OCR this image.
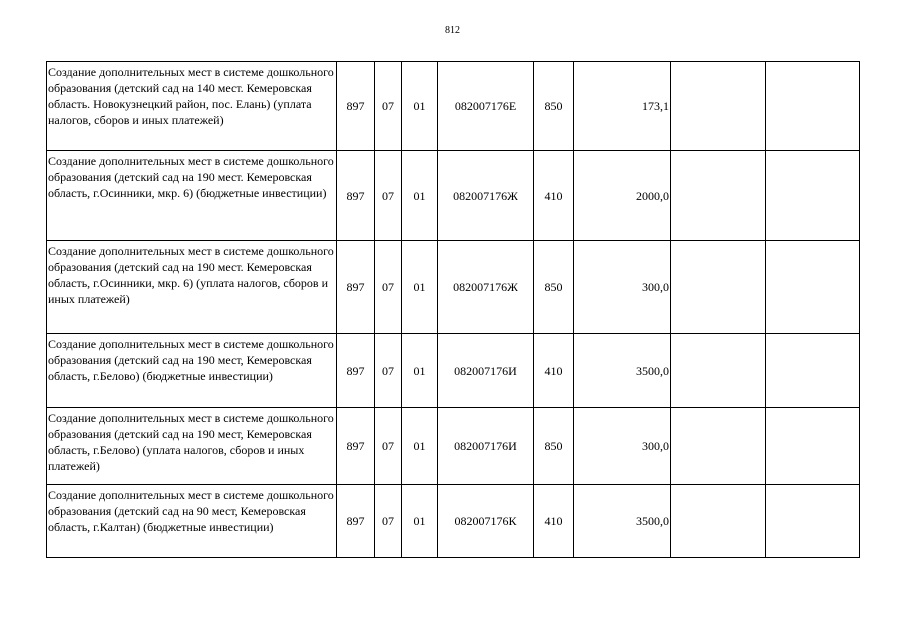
812
Создание дополнительных мест в системе дошкольного образования (детский сад на 140 мест. Кемеровская область. Новокузнецкий район, пос. Елань) (уплата налогов, сборов и иных платежей)	897	07	01	082007176Е	850	173,1		
Создание дополнительных мест в системе дошкольного образования (детский сад на 190 мест. Кемеровская область, г.Осинники, мкр. 6) (бюджетные инвестиции)	897	07	01	082007176Ж	410	2000,0		
Создание дополнительных мест в системе дошкольного образования (детский сад на 190 мест. Кемеровская область, г.Осинники, мкр. 6) (уплата налогов, сборов и иных платежей)	897	07	01	082007176Ж	850	300,0		
Создание дополнительных мест в системе дошкольного образования (детский сад на 190 мест, Кемеровская область, г.Белово) (бюджетные инвестиции)	897	07	01	082007176И	410	3500,0		
Создание дополнительных мест в системе дошкольного образования (детский сад на 190 мест, Кемеровская область, г.Белово) (уплата налогов, сборов и иных платежей)	897	07	01	082007176И	850	300,0		
Создание дополнительных мест в системе дошкольного образования (детский сад на 90 мест, Кемеровская область, г.Калтан) (бюджетные инвестиции)	897	07	01	082007176К	410	3500,0		
